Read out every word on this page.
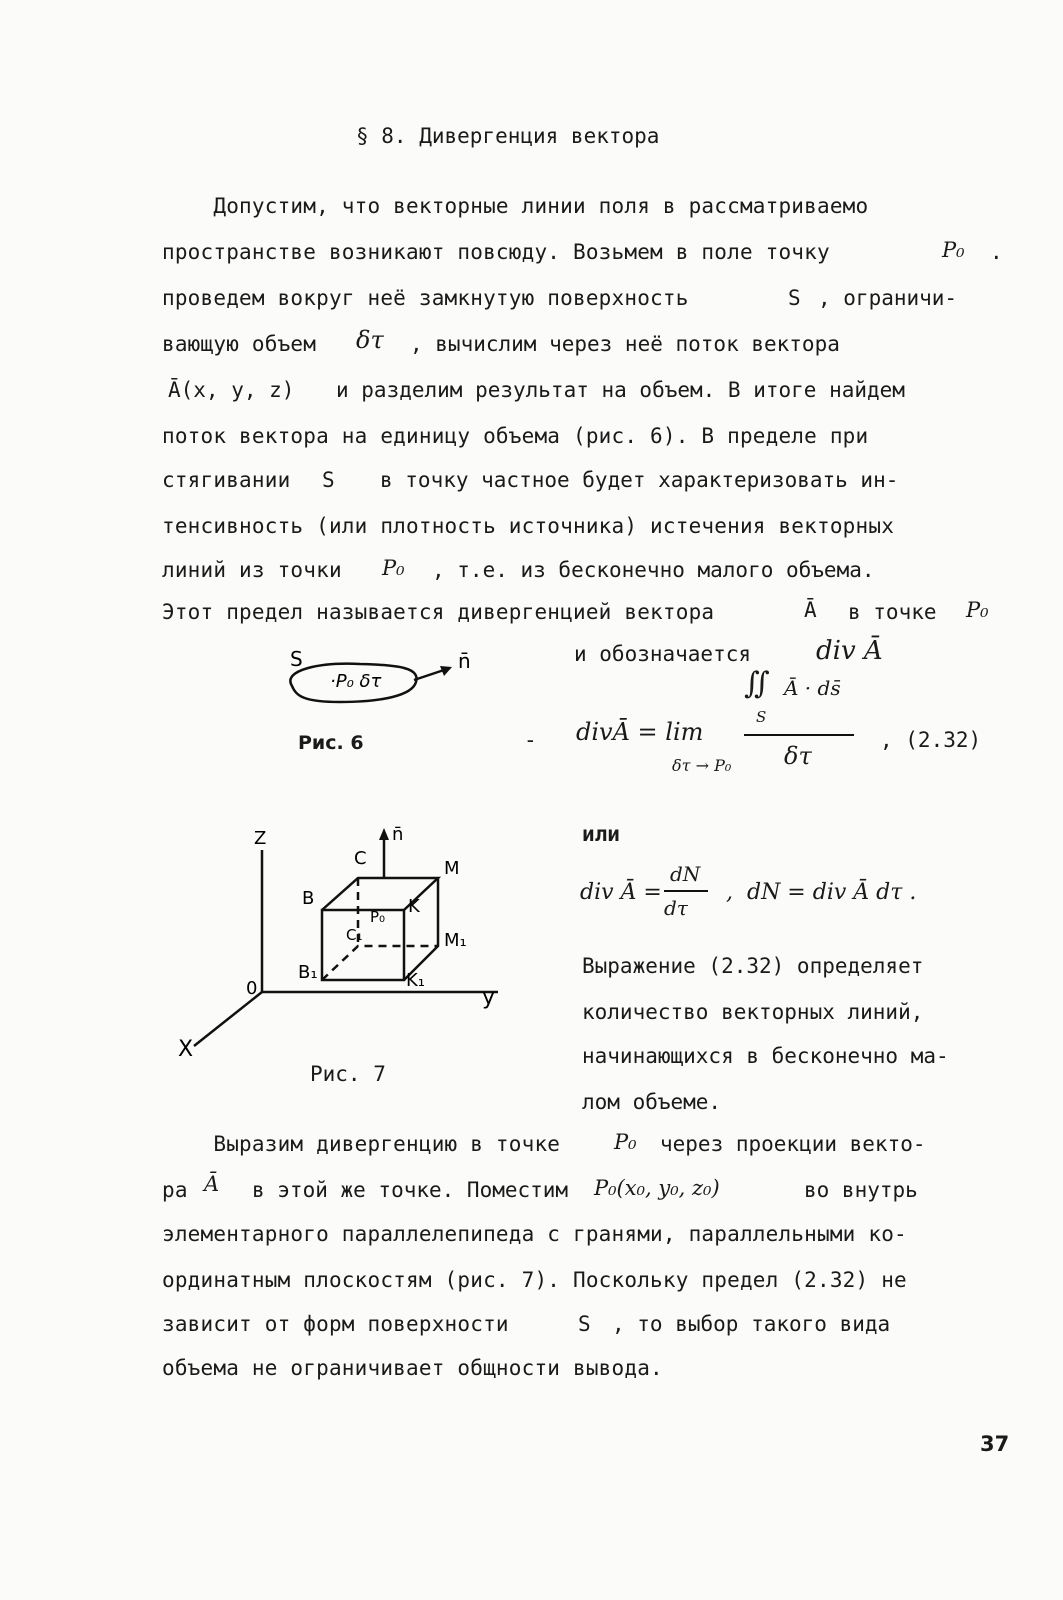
§ 8. Дивергенция вектора
Допустим, что векторные линии поля в рассматриваемо
пространстве возникают повсюду. Возьмем в поле точку	P₀ .
проведем вокруг неё замкнутую поверхность	S , ограничи-
вающую объем δτ , вычислим через неё поток вектора
Ā(x, y, z) и разделим результат на объем. В итоге найдем
поток вектора на единицу объема (рис. 6). В пределе при
стягивании S в точку частное будет характеризовать ин-
тенсивность (или плотность источника) истечения векторных
линий из точки P₀ , т.е. из бесконечно малого объема.
Этот предел называется дивергенцией вектора	Ā в точке P₀
и обозначается div Ā
S
·P₀ δτ
n̄
Рис. 6	-
∬ Ā · ds̄
S
divĀ = lim
δτ → P₀ δτ
, (2.32)
Z
y
X
0
n̄
C	M
B	K
C₁
P₀
M₁
B₁	K₁
Рис. 7
или
div Ā =
dN
dτ
,  dN = div Ā dτ .
Выражение (2.32) определяет
количество векторных линий,
начинающихся в бесконечно ма-
лом объеме.
Выразим дивергенцию в точке	P₀ через проекции векто-
ра Ā в этой же точке. Поместим P₀(x₀, y₀, z₀)	во внутрь
элементарного параллелепипеда с гранями, параллельными ко-
ординатным плоскостям (рис. 7). Поскольку предел (2.32) не
зависит от форм поверхности	S , то выбор такого вида
объема не ограничивает общности вывода.
37
